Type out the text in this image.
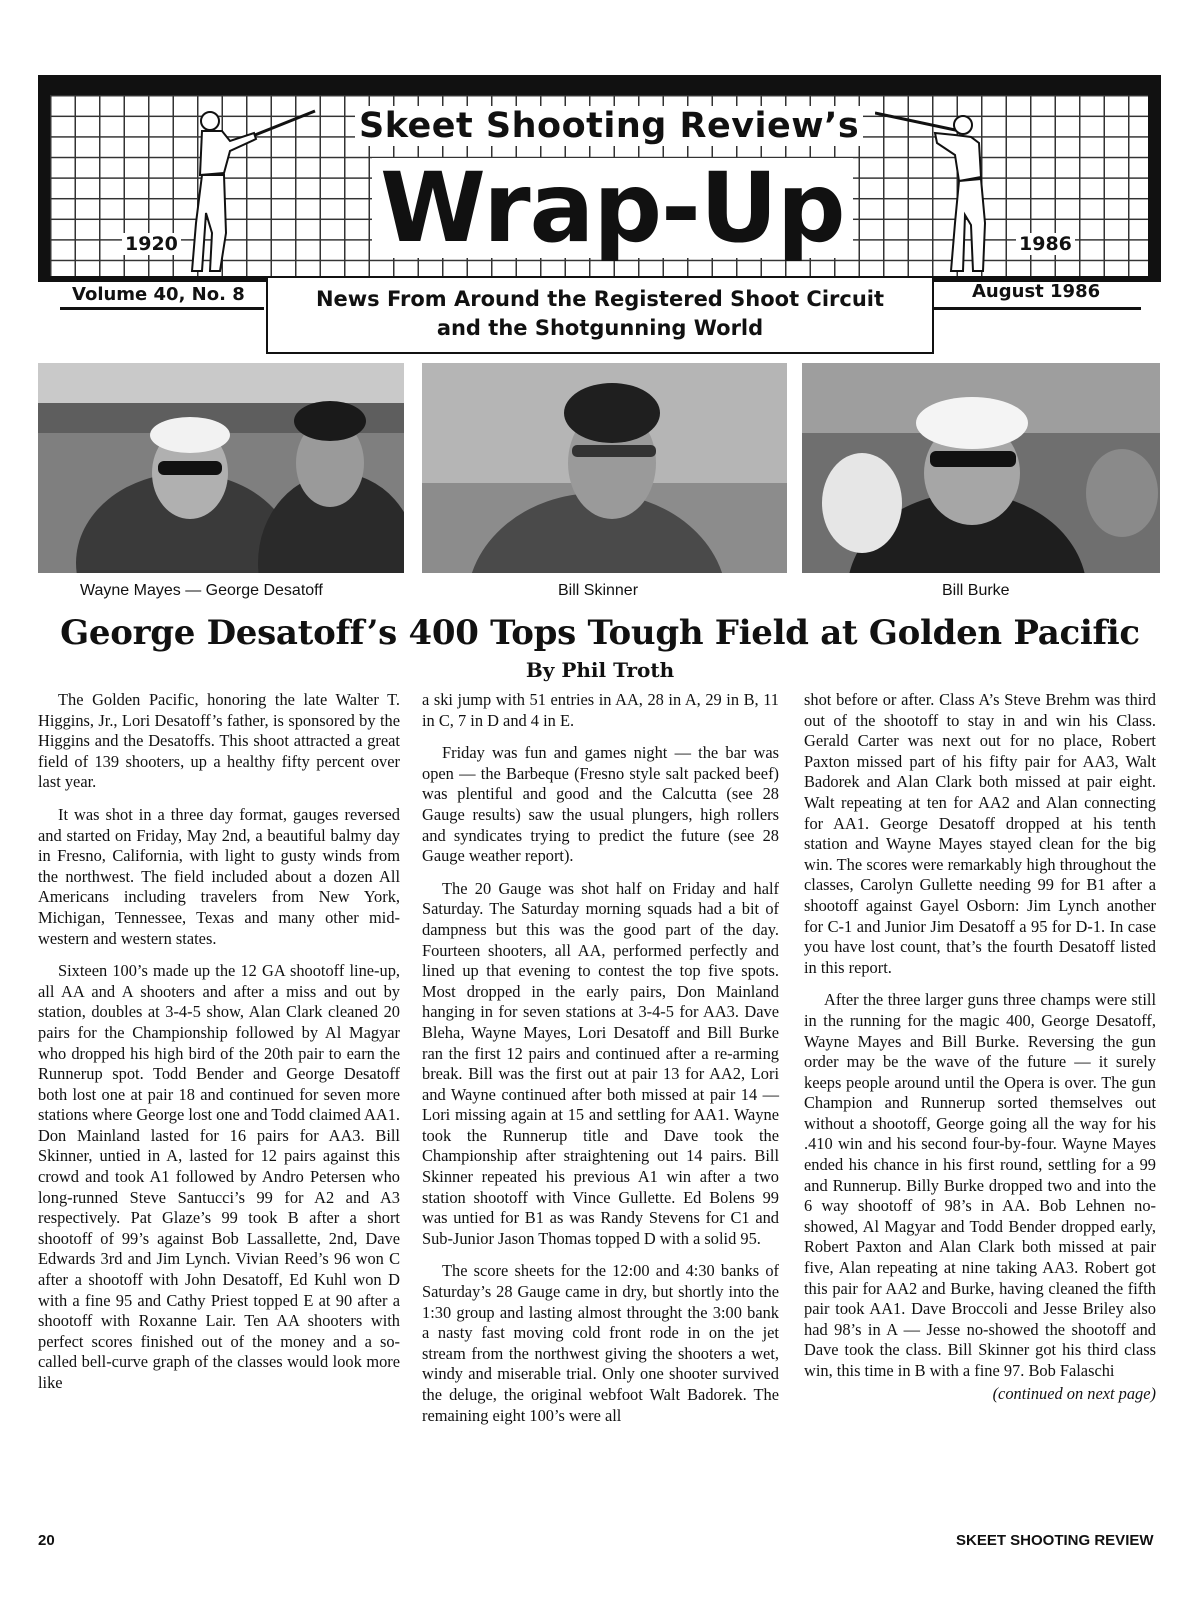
Skeet Shooting Review’s
Wrap-Up
1920	1986
Volume 40, No. 8	August 1986
News From Around the Registered Shoot Circuit
and the Shotgunning World
Wayne Mayes — George Desatoff	Bill Skinner	Bill Burke
George Desatoff’s 400 Tops Tough Field at Golden Pacific
By Phil Troth

The Golden Pacific, honoring the late Walter T. Higgins, Jr., Lori Desatoff’s father, is sponsored by the Higgins and the Desatoffs. This shoot attracted a great field of 139 shooters, up a healthy fifty percent over last year.

It was shot in a three day format, gauges reversed and started on Friday, May 2nd, a beautiful balmy day in Fresno, California, with light to gusty winds from the northwest. The field included about a dozen All Americans including travelers from New York, Michigan, Tennessee, Texas and many other mid-western and western states.

Sixteen 100’s made up the 12 GA shootoff line-up, all AA and A shooters and after a miss and out by station, doubles at 3-4-5 show, Alan Clark cleaned 20 pairs for the Championship followed by Al Magyar who dropped his high bird of the 20th pair to earn the Runnerup spot. Todd Bender and George Desatoff both lost one at pair 18 and continued for seven more stations where George lost one and Todd claimed AA1. Don Mainland lasted for 16 pairs for AA3. Bill Skinner, untied in A, lasted for 12 pairs against this crowd and took A1 followed by Andro Petersen who long-runned Steve Santucci’s 99 for A2 and A3 respectively. Pat Glaze’s 99 took B after a short shootoff of 99’s against Bob Lassallette, 2nd, Dave Edwards 3rd and Jim Lynch. Vivian Reed’s 96 won C after a shootoff with John Desatoff, Ed Kuhl won D with a fine 95 and Cathy Priest topped E at 90 after a shootoff with Roxanne Lair. Ten AA shooters with perfect scores finished out of the money and a so-called bell-curve graph of the classes would look more like

a ski jump with 51 entries in AA, 28 in A, 29 in B, 11 in C, 7 in D and 4 in E.

Friday was fun and games night — the bar was open — the Barbeque (Fresno style salt packed beef) was plentiful and good and the Calcutta (see 28 Gauge results) saw the usual plungers, high rollers and syndicates trying to predict the future (see 28 Gauge weather report).

The 20 Gauge was shot half on Friday and half Saturday. The Saturday morning squads had a bit of dampness but this was the good part of the day. Fourteen shooters, all AA, performed perfectly and lined up that evening to contest the top five spots. Most dropped in the early pairs, Don Mainland hanging in for seven stations at 3-4-5 for AA3. Dave Bleha, Wayne Mayes, Lori Desatoff and Bill Burke ran the first 12 pairs and continued after a re-arming break. Bill was the first out at pair 13 for AA2, Lori and Wayne continued after both missed at pair 14 — Lori missing again at 15 and settling for AA1. Wayne took the Runnerup title and Dave took the Championship after straightening out 14 pairs. Bill Skinner repeated his previous A1 win after a two station shootoff with Vince Gullette. Ed Bolens 99 was untied for B1 as was Randy Stevens for C1 and Sub-Junior Jason Thomas topped D with a solid 95.

The score sheets for the 12:00 and 4:30 banks of Saturday’s 28 Gauge came in dry, but shortly into the 1:30 group and lasting almost throught the 3:00 bank a nasty fast moving cold front rode in on the jet stream from the northwest giving the shooters a wet, windy and miserable trial. Only one shooter survived the deluge, the original webfoot Walt Badorek. The remaining eight 100’s were all

shot before or after. Class A’s Steve Brehm was third out of the shootoff to stay in and win his Class. Gerald Carter was next out for no place, Robert Paxton missed part of his fifty pair for AA3, Walt Badorek and Alan Clark both missed at pair eight. Walt repeating at ten for AA2 and Alan connecting for AA1. George Desatoff dropped at his tenth station and Wayne Mayes stayed clean for the big win. The scores were remarkably high throughout the classes, Carolyn Gullette needing 99 for B1 after a shootoff against Gayel Osborn: Jim Lynch another for C-1 and Junior Jim Desatoff a 95 for D-1. In case you have lost count, that’s the fourth Desatoff listed in this report.

After the three larger guns three champs were still in the running for the magic 400, George Desatoff, Wayne Mayes and Bill Burke. Reversing the gun order may be the wave of the future — it surely keeps people around until the Opera is over. The gun Champion and Runnerup sorted themselves out without a shootoff, George going all the way for his .410 win and his second four-by-four. Wayne Mayes ended his chance in his first round, settling for a 99 and Runnerup. Billy Burke dropped two and into the 6 way shootoff of 98’s in AA. Bob Lehnen no-showed, Al Magyar and Todd Bender dropped early, Robert Paxton and Alan Clark both missed at pair five, Alan repeating at nine taking AA3. Robert got this pair for AA2 and Burke, having cleaned the fifth pair took AA1. Dave Broccoli and Jesse Briley also had 98’s in A — Jesse no-showed the shootoff and Dave took the class. Bill Skinner got his third class win, this time in B with a fine 97. Bob Falaschi

(continued on next page)
20	SKEET SHOOTING REVIEW
